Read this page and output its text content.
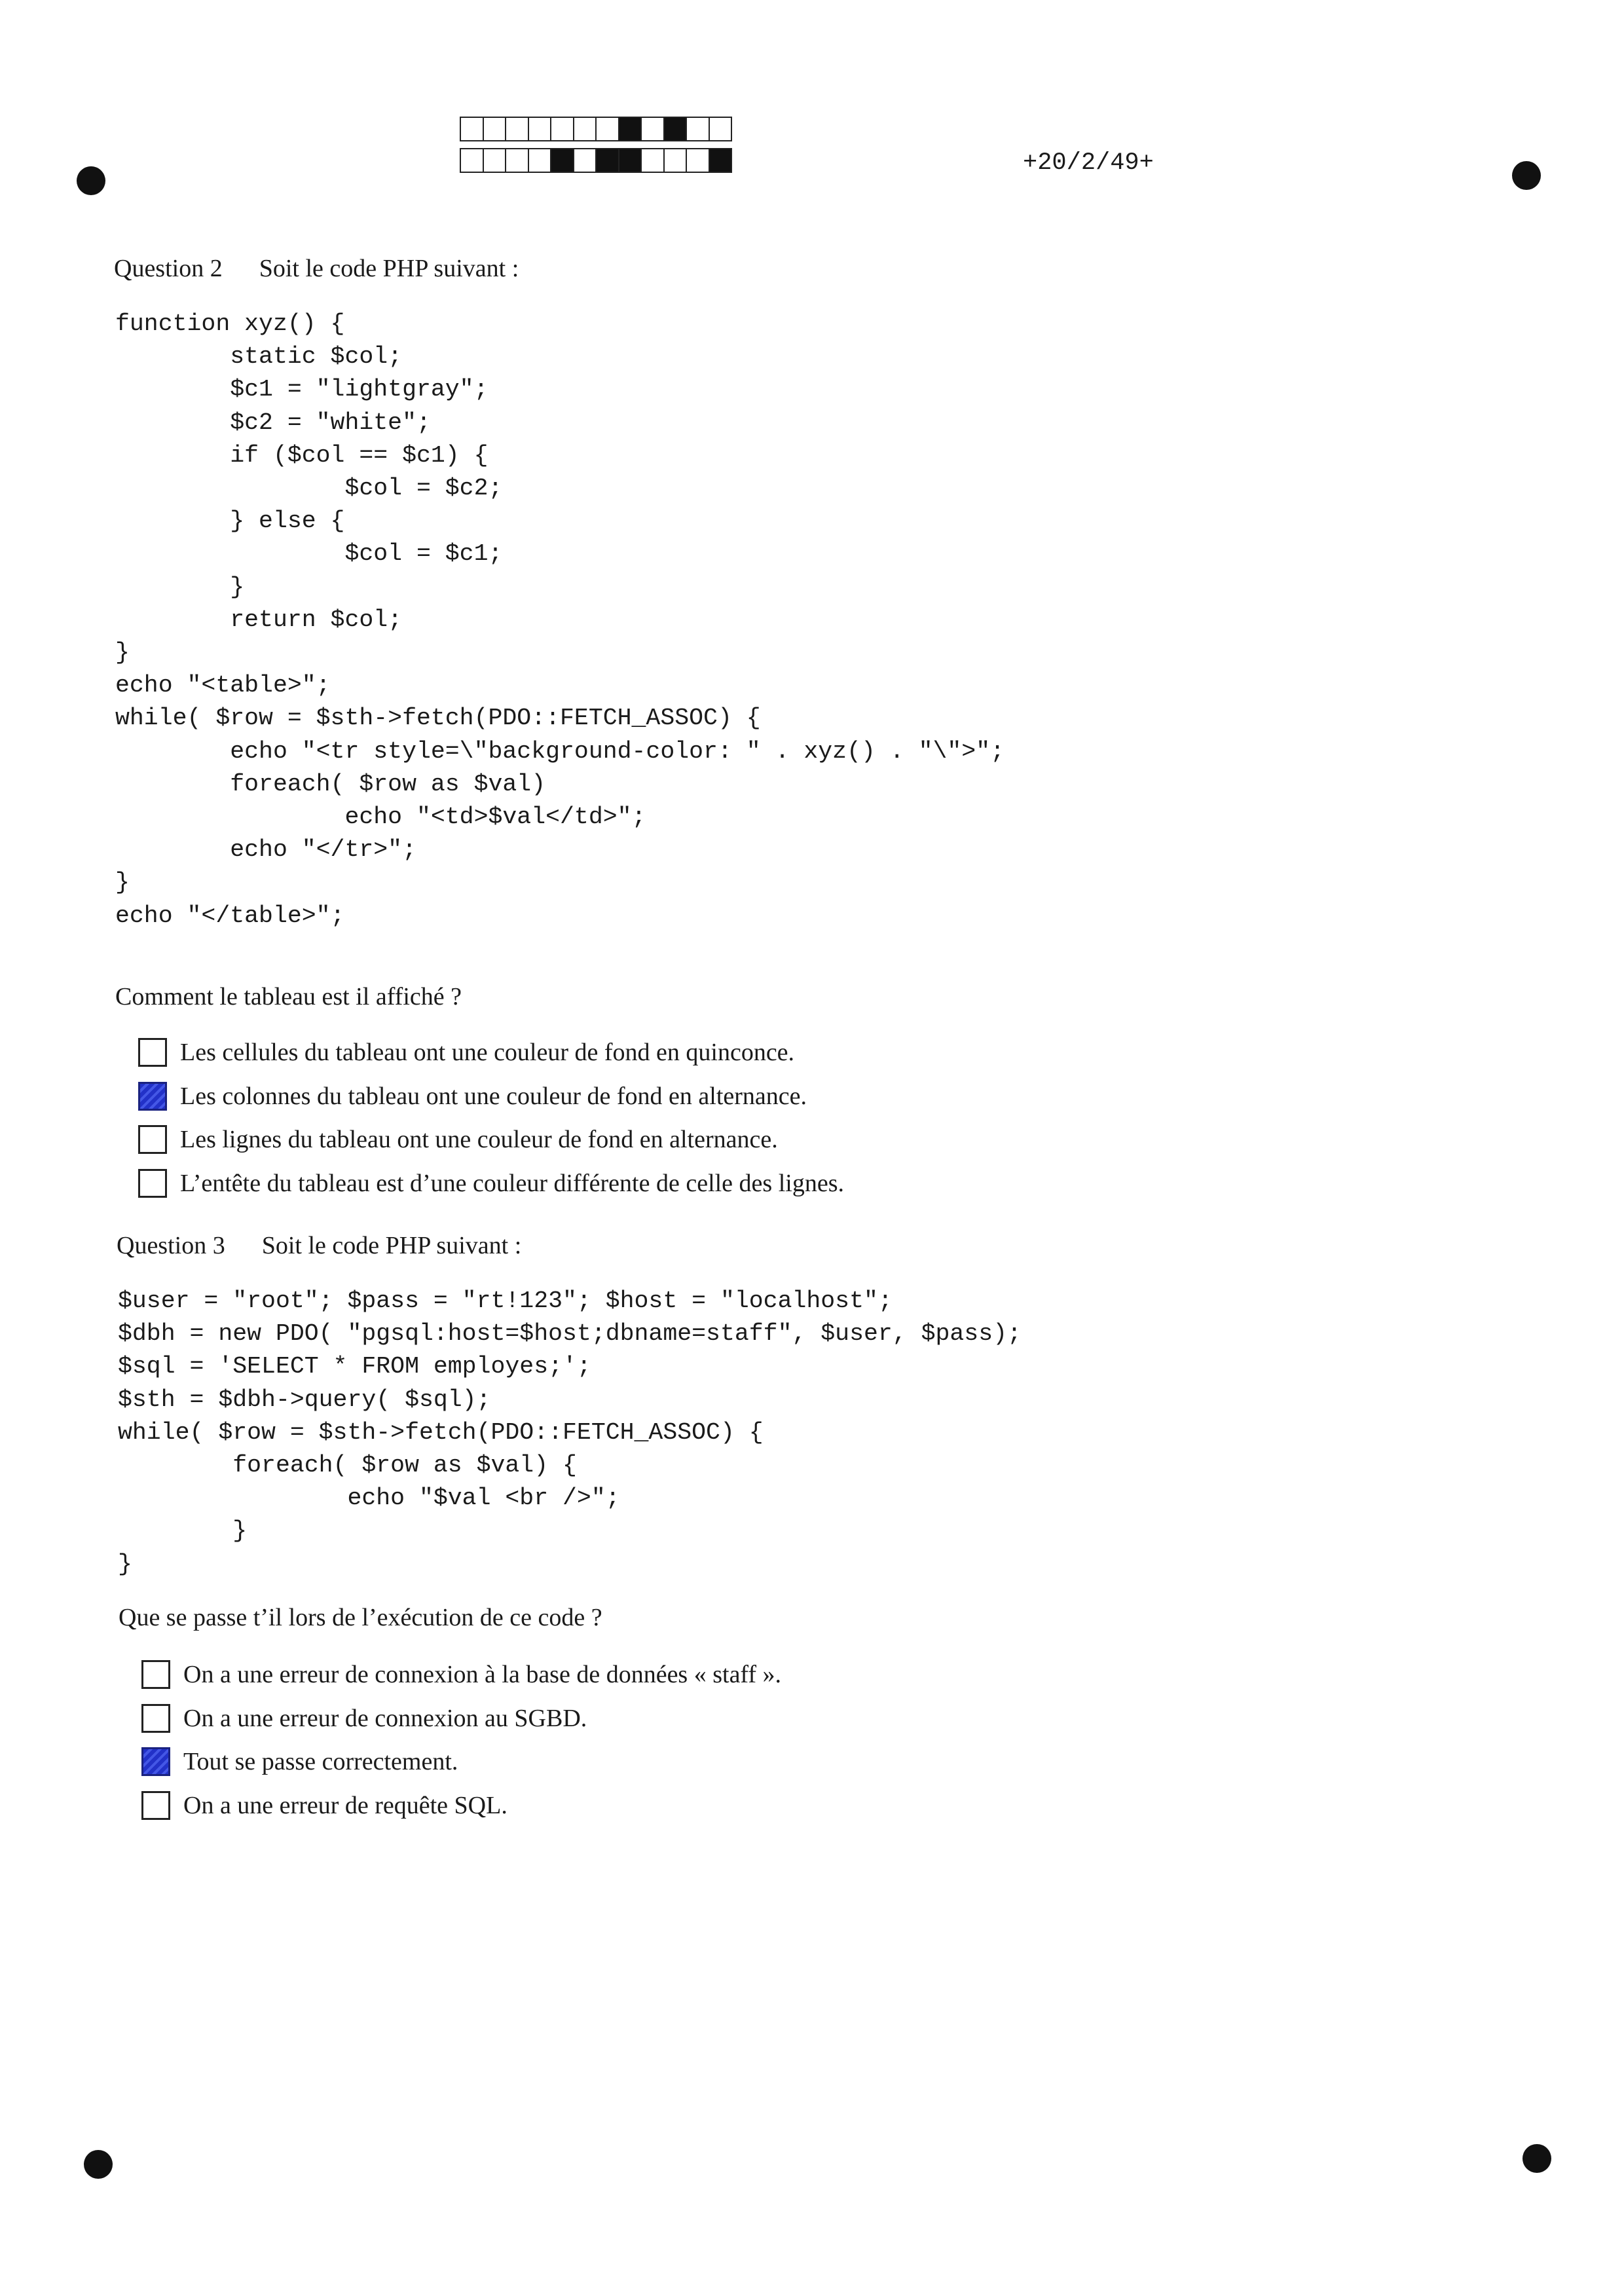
+20/2/49+
Question 2 Soit le code PHP suivant :
function xyz() {
static $col;
$c1 = "lightgray";
$c2 = "white";
if ($col == $c1) {
$col = $c2;
} else {
$col = $c1;
}
return $col;
}
echo "<table>";
while( $row = $sth->fetch(PDO::FETCH_ASSOC) {
echo "<tr style=\"background-color: " . xyz() . "\">";
foreach( $row as $val)
echo "<td>$val</td>";
echo "</tr>";
}
echo "</table>";
Comment le tableau est il affiché ?
Les cellules du tableau ont une couleur de fond en quinconce.
Les colonnes du tableau ont une couleur de fond en alternance.
Les lignes du tableau ont une couleur de fond en alternance.
L’entête du tableau est d’une couleur différente de celle des lignes.
Question 3 Soit le code PHP suivant :
$user = "root"; $pass = "rt!123"; $host = "localhost";
$dbh = new PDO( "pgsql:host=$host;dbname=staff", $user, $pass);
$sql = 'SELECT * FROM employes;';
$sth = $dbh->query( $sql);
while( $row = $sth->fetch(PDO::FETCH_ASSOC) {
foreach( $row as $val) {
echo "$val <br />";
}
}
Que se passe t’il lors de l’exécution de ce code ?
On a une erreur de connexion à la base de données « staff ».
On a une erreur de connexion au SGBD.
Tout se passe correctement.
On a une erreur de requête SQL.
